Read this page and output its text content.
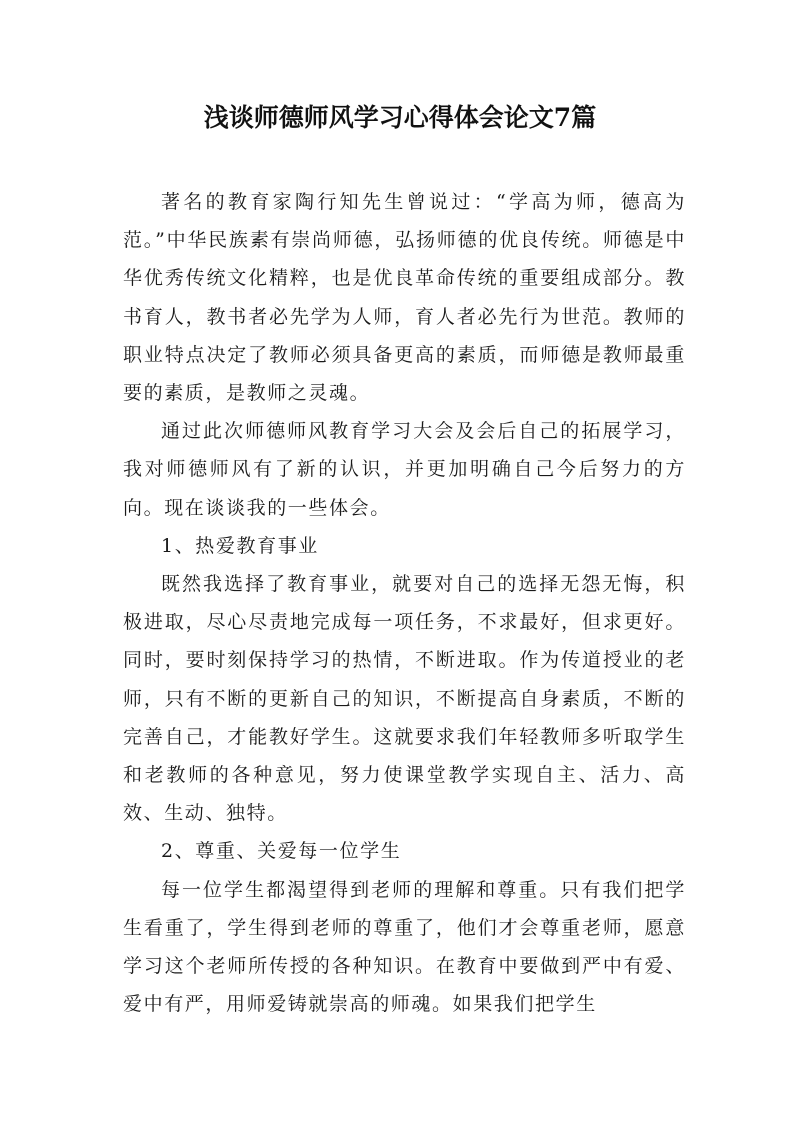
浅谈师德师风学习心得体会论文7篇

著名的教育家陶行知先生曾说过：“学高为师，德高为范。”中华民族素有崇尚师德，弘扬师德的优良传统。师德是中华优秀传统文化精粹，也是优良革命传统的重要组成部分。教书育人，教书者必先学为人师，育人者必先行为世范。教师的职业特点决定了教师必须具备更高的素质，而师德是教师最重要的素质，是教师之灵魂。

通过此次师德师风教育学习大会及会后自己的拓展学习，我对师德师风有了新的认识，并更加明确自己今后努力的方向。现在谈谈我的一些体会。

1、热爱教育事业

既然我选择了教育事业，就要对自己的选择无怨无悔，积极进取，尽心尽责地完成每一项任务，不求最好，但求更好。同时，要时刻保持学习的热情，不断进取。作为传道授业的老师，只有不断的更新自己的知识，不断提高自身素质，不断的完善自己，才能教好学生。这就要求我们年轻教师多听取学生和老教师的各种意见，努力使课堂教学实现自主、活力、高效、生动、独特。

2、尊重、关爱每一位学生

每一位学生都渴望得到老师的理解和尊重。只有我们把学生看重了，学生得到老师的尊重了，他们才会尊重老师，愿意学习这个老师所传授的各种知识。在教育中要做到严中有爱、爱中有严，用师爱铸就崇高的师魂。如果我们把学生
